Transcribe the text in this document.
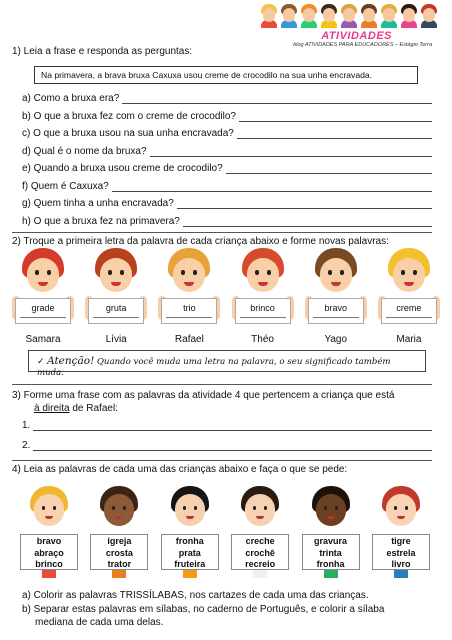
ATIVIDADES
blog ATIVIDADES PARA EDUCADORES – Estágio Terra
1) Leia a frase e responda as perguntas:
Na primavera, a brava bruxa Caxuxa usou creme de crocodilo na sua unha encravada.
a) Como a bruxa era?
b) O que a bruxa fez com o creme de crocodilo?
c) O que a bruxa usou na sua unha encravada?
d) Qual é o nome da bruxa?
e) Quando a bruxa usou creme de crocodilo?
f) Quem é Caxuxa?
g) Quem tinha a unha encravada?
h) O que a bruxa fez na primavera?
2) Troque a primeira letra da palavra de cada criança abaixo e forme novas palavras:
grade	gruta	trio	brinco	bravo	creme
Samara	Lívia	Rafael	Théo	Yago	Maria
✓ Atenção! Quando você muda uma letra na palavra, o seu significado também muda.
3) Forme uma frase com as palavras da atividade 4 que pertencem a criança que está
à direita de Rafael:
1.
2.
4) Leia as palavras de cada uma das crianças abaixo e faça o que se pede:
bravo
abraço
brinco
igreja
crosta
trator
fronha
prata
fruteira
creche
crochê
recreio
gravura
trinta
fronha
tigre
estrela
livro
a) Colorir as palavras TRISSÍLABAS, nos cartazes de cada uma das crianças.
b) Separar estas palavras em sílabas, no caderno de Português, e colorir a sílaba
mediana de cada uma delas.
